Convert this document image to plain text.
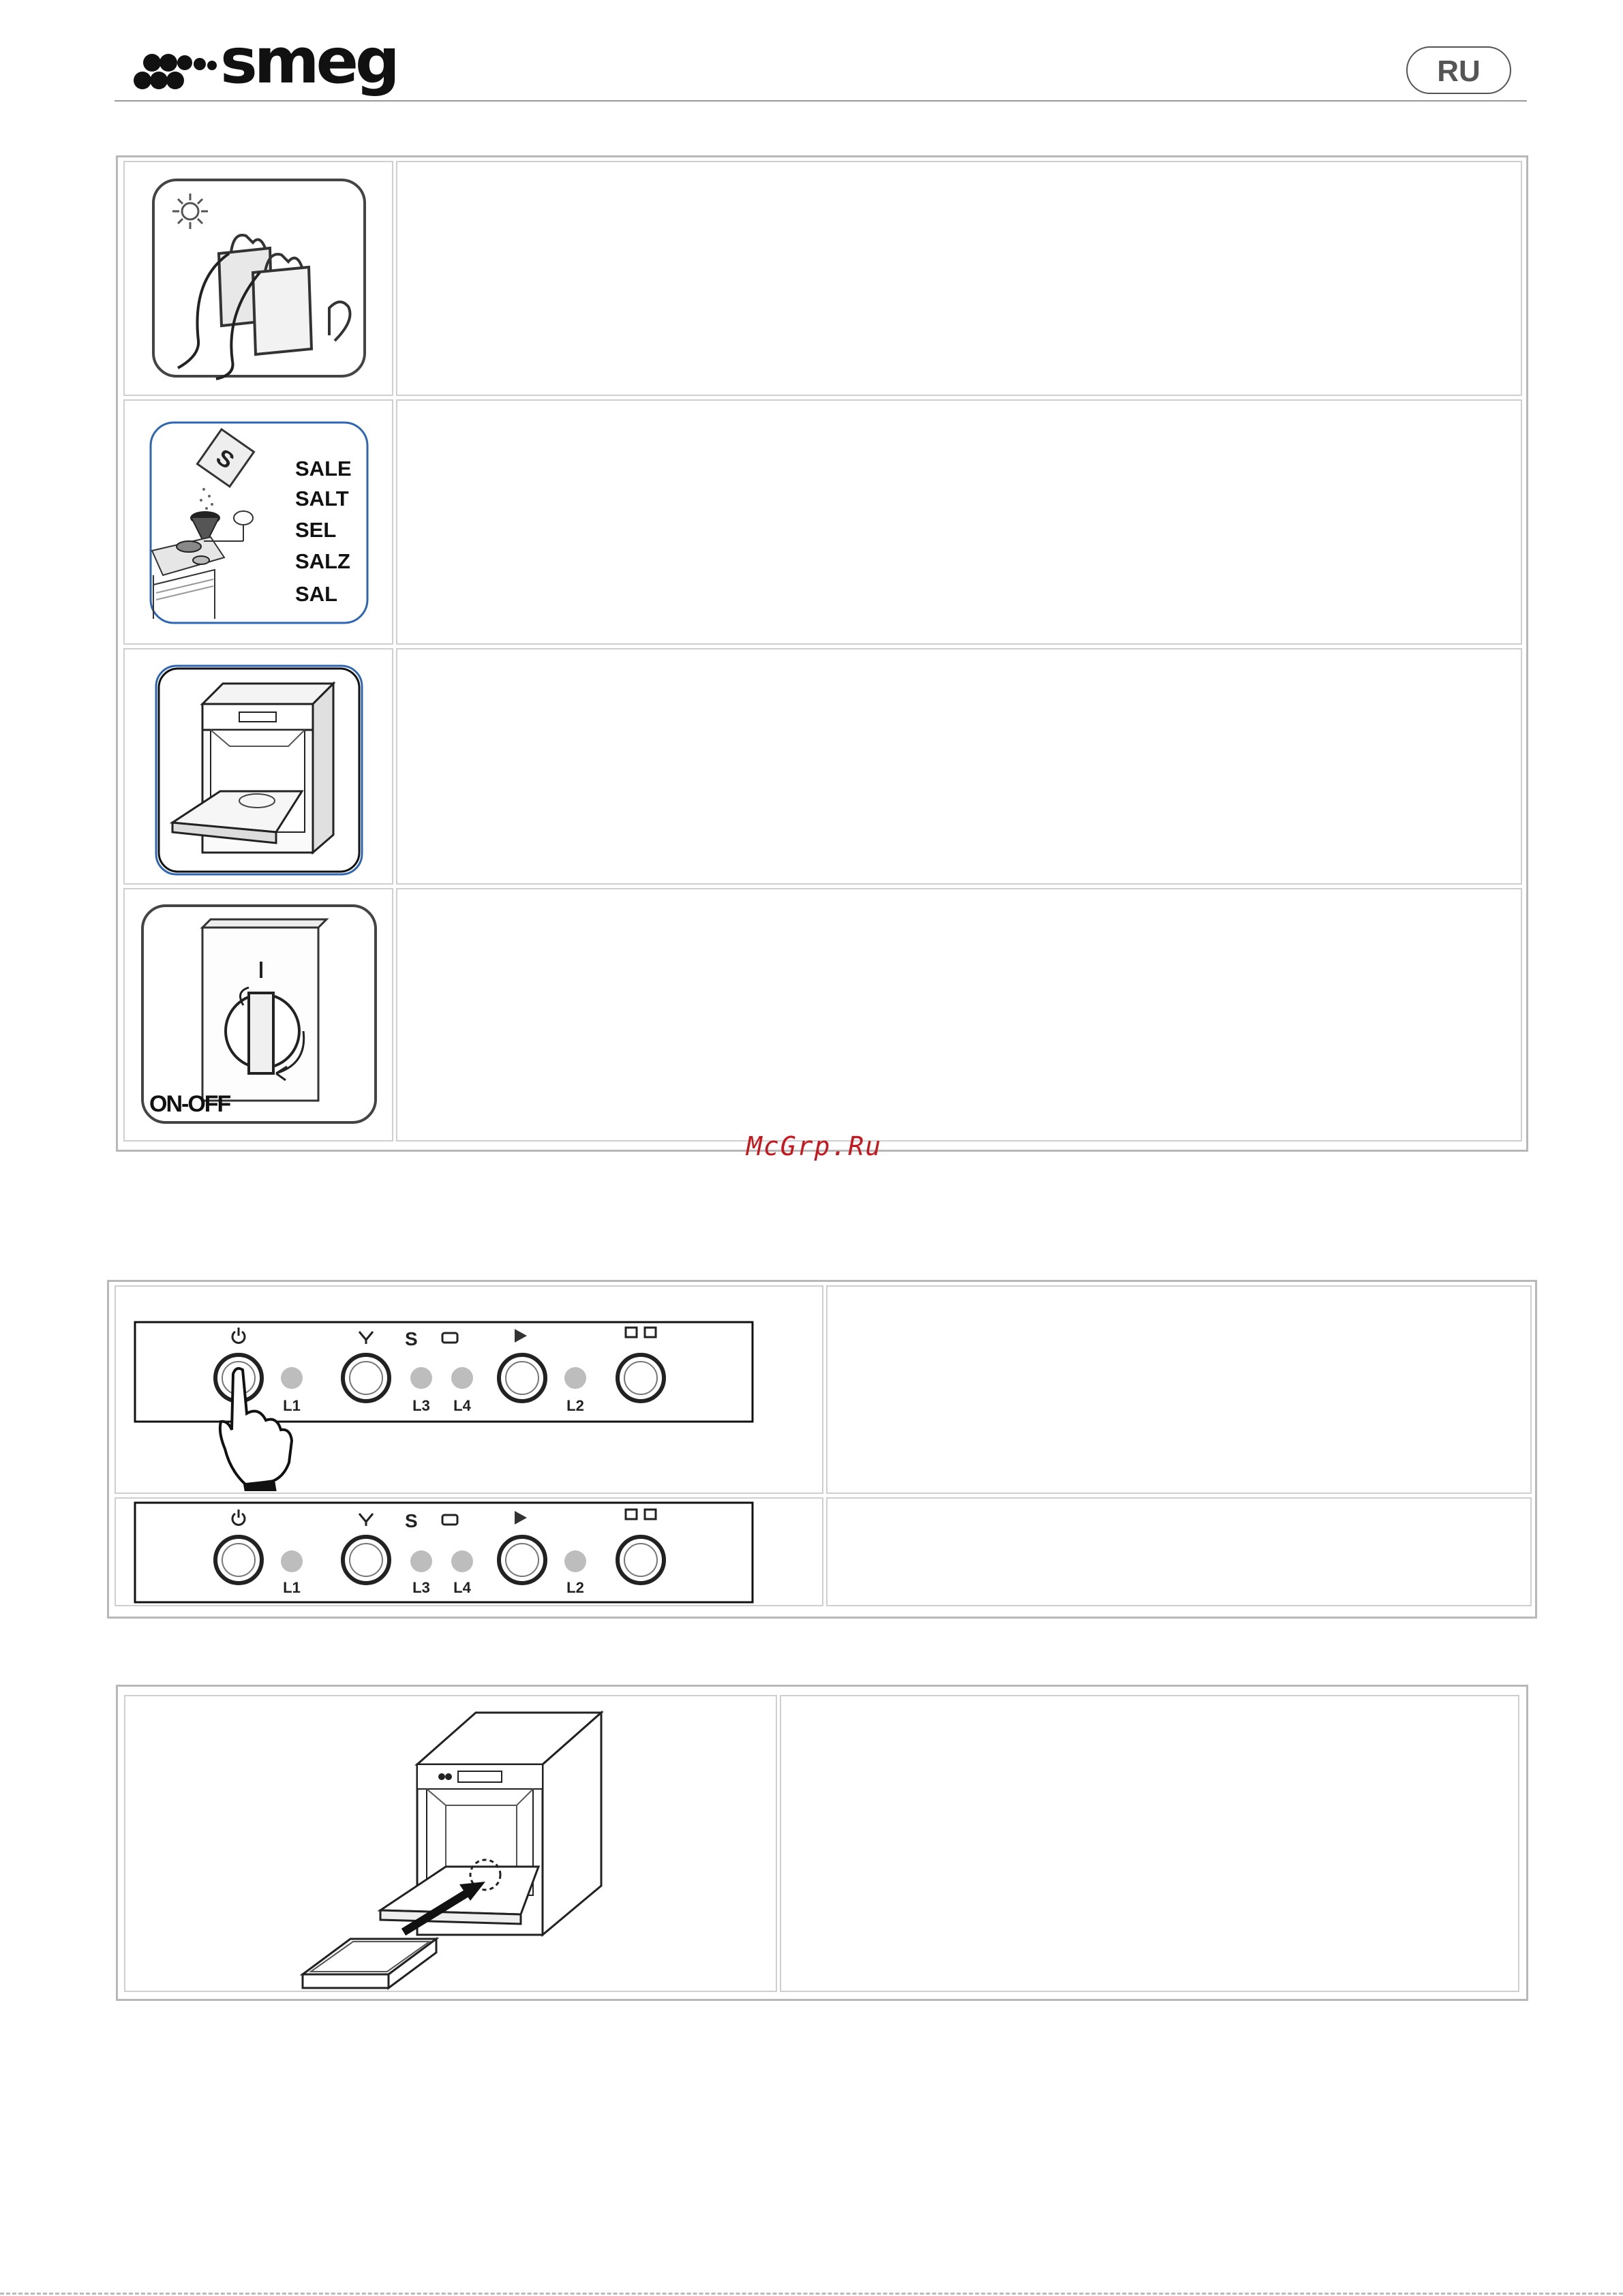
smeg	RU
S	SALE
SALT
SEL
SALZ
SAL
ON-OFF
McGrp.Ru
S
L1	L3 L4	L2
S
L1	L3 L4	L2
